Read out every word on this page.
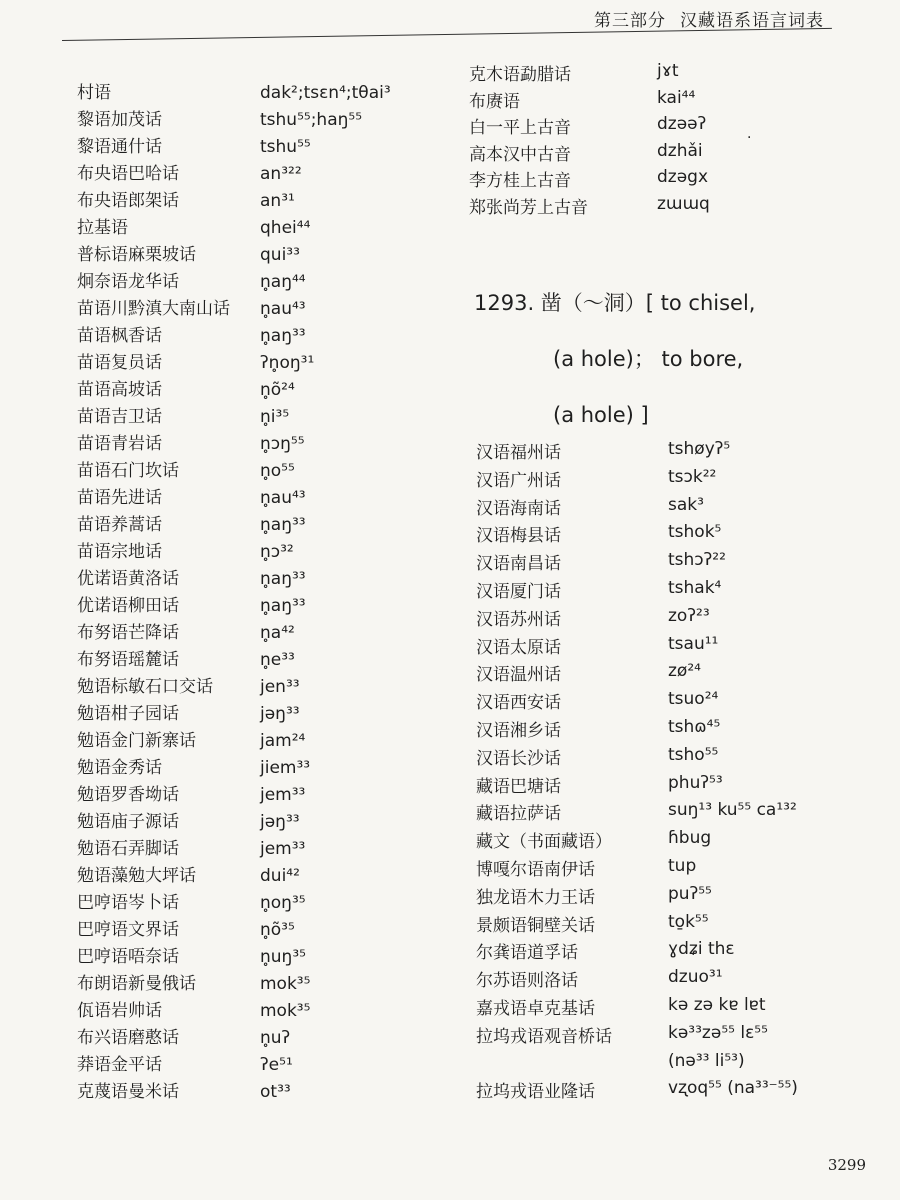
第三部分 汉藏语系语言词表
村语	dak²;tsɛn⁴;tθai³
黎语加茂话	tshu⁵⁵;haŋ⁵⁵
黎语通什话	tshu⁵⁵
布央语巴哈话	an³²²
布央语郎架话	an³¹
拉基语	qhei⁴⁴
普标语麻栗坡话	qui³³
炯奈语龙华话	n̥aŋ⁴⁴
苗语川黔滇大南山话 n̥au⁴³
苗语枫香话	n̥aŋ³³
苗语复员话	ʔn̥oŋ³¹
苗语高坡话	n̥õ²⁴
苗语吉卫话	n̥i³⁵
苗语青岩话	n̥ɔŋ⁵⁵
苗语石门坎话	n̥o⁵⁵
苗语先进话	n̥au⁴³
苗语养蒿话	n̥aŋ³³
苗语宗地话	n̥ɔ³²
优诺语黄洛话	n̥aŋ³³
优诺语柳田话	n̥aŋ³³
布努语芒降话	n̥a⁴²
布努语瑶麓话	n̥e³³
勉语标敏石口交话	jen³³
勉语柑子园话	jəŋ³³
勉语金门新寨话	jam²⁴
勉语金秀话	jiem³³
勉语罗香坳话	jem³³
勉语庙子源话	jəŋ³³
勉语石弄脚话	jem³³
勉语藻勉大坪话	dui⁴²
巴哼语岑卜话	n̥oŋ³⁵
巴哼语文界话	n̥õ³⁵
巴哼语唔奈话	n̥uŋ³⁵
布朗语新曼俄话	mok³⁵
佤语岩帅话	mok³⁵
布兴语磨憨话	n̥uʔ
莽语金平话	ʔe⁵¹
克蔑语曼米话	ot³³
克木语勐腊话	jɤt
布赓语	kai⁴⁴
白一平上古音	dzəəʔ
高本汉中古音	dzhǎi
李方桂上古音	dzəgx
郑张尚芳上古音	zɯɯq
·
1293. 凿（～洞）[ to chisel,
(a hole)； to bore,
(a hole) ]
汉语福州话	tshøyʔ⁵
汉语广州话	tsɔk²²
汉语海南话	sak³
汉语梅县话	tshok⁵
汉语南昌话	tshɔʔ²²
汉语厦门话	tshak⁴
汉语苏州话	zoʔ²³
汉语太原话	tsau¹¹
汉语温州话	zø²⁴
汉语西安话	tsuo²⁴
汉语湘乡话	tshɷ⁴⁵
汉语长沙话	tsho⁵⁵
藏语巴塘话	phuʔ⁵³
藏语拉萨话	suŋ¹³ ku⁵⁵ ca¹³²
藏文（书面藏语）	ɦbug
博嘎尔语南伊话	tup
独龙语木力王话	puʔ⁵⁵
景颇语铜壁关话	to̱k⁵⁵
尔龚语道孚话	ɣdʑi thɛ
尔苏语则洛话	dzuo³¹
嘉戎语卓克基话	kə zə kɐ lɐt
拉坞戎语观音桥话	kə³³zə⁵⁵ lɛ⁵⁵
(nə³³ li⁵³)
拉坞戎语业隆话	vʐoq⁵⁵ (na³³⁻⁵⁵)
3299
